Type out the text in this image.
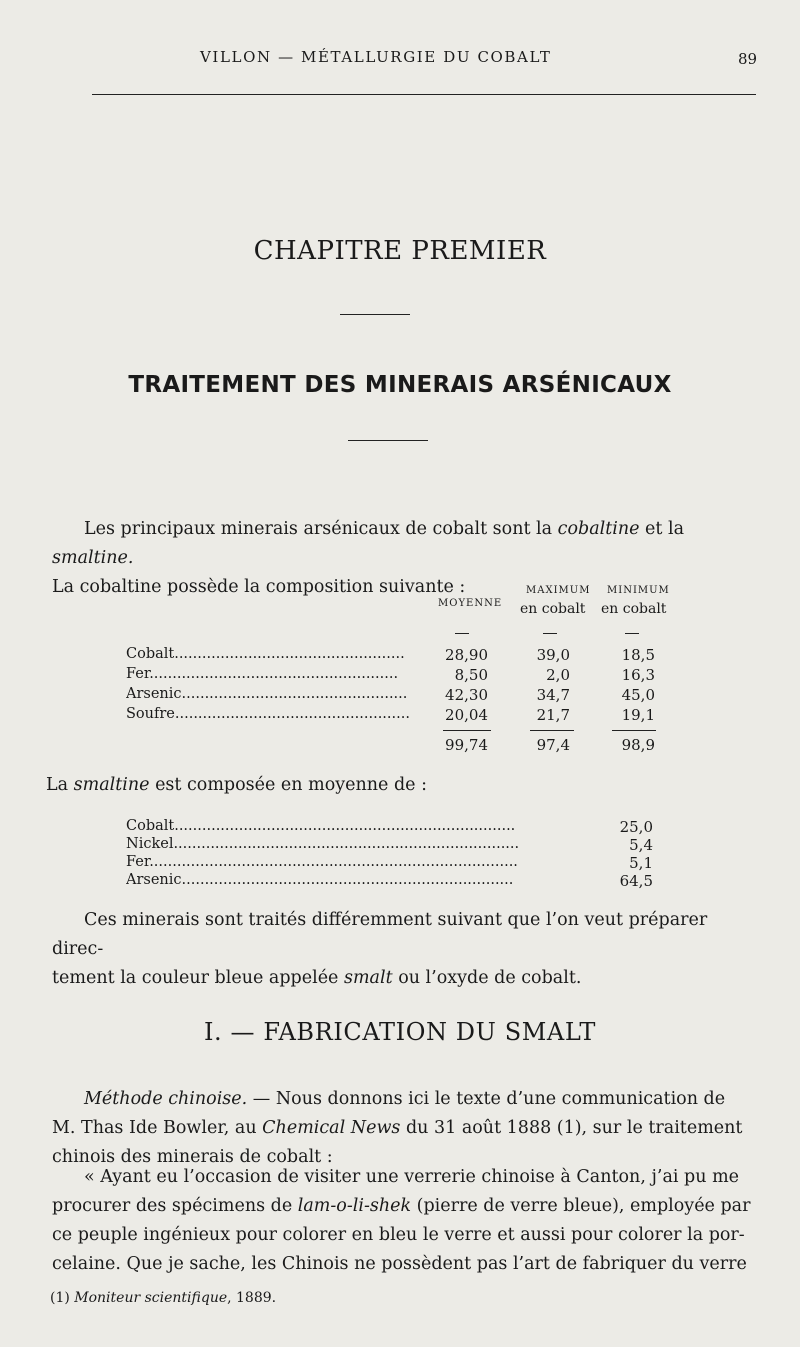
VILLON — MÉTALLURGIE DU COBALT	89
CHAPITRE PREMIER
TRAITEMENT DES MINERAIS ARSÉNICAUX
Les principaux minerais arsénicaux de cobalt sont la cobaltine et la smaltine.
La cobaltine possède la composition suivante :
MOYENNE
MAXIMUM
en cobalt
MINIMUM
en cobalt
Cobalt..................................................	28,90	39,0	18,5
Fer......................................................	8,50	2,0	16,3
Arsenic.................................................	42,30	34,7	45,0
Soufre...................................................	20,04	21,7	19,1
99,74	97,4	98,9
La smaltine est composée en moyenne de :
Cobalt..........................................................................	25,0
Nickel...........................................................................	5,4
Fer................................................................................	5,1
Arsenic........................................................................	64,5
Ces minerais sont traités différemment suivant que l’on veut préparer direc-
tement la couleur bleue appelée smalt ou l’oxyde de cobalt.
I. — FABRICATION DU SMALT
Méthode chinoise. — Nous donnons ici le texte d’une communication de
M. Thas Ide Bowler, au Chemical News du 31 août 1888 (1), sur le traitement
chinois des minerais de cobalt :
« Ayant eu l’occasion de visiter une verrerie chinoise à Canton, j’ai pu me
procurer des spécimens de lam-o-li-shek (pierre de verre bleue), employée par
ce peuple ingénieux pour colorer en bleu le verre et aussi pour colorer la por-
celaine. Que je sache, les Chinois ne possèdent pas l’art de fabriquer du verre
(1) Moniteur scientifique, 1889.
